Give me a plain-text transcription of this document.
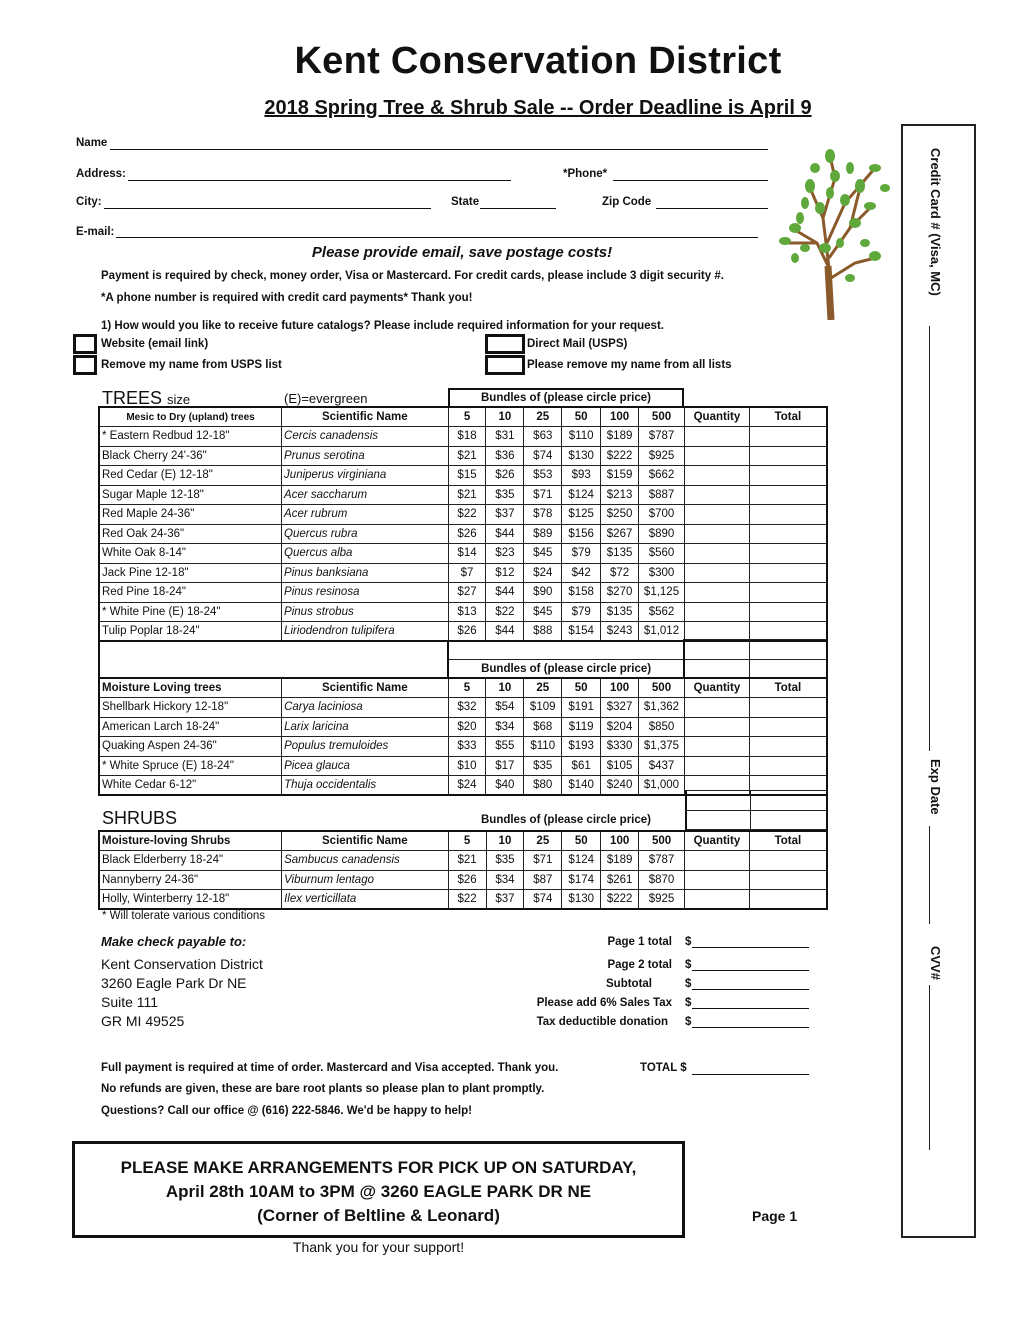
Kent Conservation District
2018 Spring Tree & Shrub Sale -- Order Deadline is April 9
Name
Address:	*Phone*
City:	State	Zip Code
E-mail:
Please provide email, save postage costs!
Payment is required by check, money order, Visa or Mastercard. For credit cards, please include 3 digit security #.
*A phone number is required with credit card payments* Thank you!
1) How would you like to receive future catalogs? Please include required information for your request.
Website (email link)
Remove my name from USPS list
Direct Mail (USPS)
Please remove my name from all lists
TREES size	(E)=evergreen	Bundles of (please circle price)
Mesic to Dry (upland) trees	Scientific Name	5	10	25	50	100	500	Quantity	Total
* Eastern Redbud 12-18"	Cercis canadensis	$18	$31	$63	$110	$189	$787		
Black Cherry 24'-36"	Prunus serotina	$21	$36	$74	$130	$222	$925		
Red Cedar (E) 12-18"	Juniperus virginiana	$15	$26	$53	$93	$159	$662		
Sugar Maple 12-18"	Acer saccharum	$21	$35	$71	$124	$213	$887		
Red Maple 24-36"	Acer rubrum	$22	$37	$78	$125	$250	$700		
Red Oak 24-36"	Quercus rubra	$26	$44	$89	$156	$267	$890		
White Oak 8-14"	Quercus alba	$14	$23	$45	$79	$135	$560		
Jack Pine 12-18"	Pinus banksiana	$7	$12	$24	$42	$72	$300		
Red Pine 18-24"	Pinus resinosa	$27	$44	$90	$158	$270	$1,125		
* White Pine (E) 18-24"	Pinus strobus	$13	$22	$45	$79	$135	$562		
Tulip Poplar 18-24"	Liriodendron tulipifera	$26	$44	$88	$154	$243	$1,012		

	Bundles of (please circle price)		
Moisture Loving trees	Scientific Name	5	10	25	50	100	500	Quantity	Total
Shellbark Hickory 12-18"	Carya laciniosa	$32	$54	$109	$191	$327	$1,362		
American Larch 18-24"	Larix laricina	$20	$34	$68	$119	$204	$850		
Quaking Aspen 24-36"	Populus tremuloides	$33	$55	$110	$193	$330	$1,375		
* White Spruce (E) 18-24"	Picea glauca	$10	$17	$35	$61	$105	$437		
White Cedar 6-12"	Thuja occidentalis	$24	$40	$80	$140	$240	$1,000		

SHRUBS	Bundles of (please circle price)
Moisture-loving Shrubs	Scientific Name	5	10	25	50	100	500	Quantity	Total
Black Elderberry 18-24"	Sambucus canadensis	$21	$35	$71	$124	$189	$787		
Nannyberry 24-36"	Viburnum lentago	$26	$34	$87	$174	$261	$870		
Holly, Winterberry 12-18"	Ilex verticillata	$22	$37	$74	$130	$222	$925		
* Will tolerate various conditions
Make check payable to:
Kent Conservation District
3260 Eagle Park Dr NE
Suite 111
GR MI 49525
Page 1 total
Page 2 total
Subtotal
Please add 6% Sales Tax
Tax deductible donation
$
$
$
$
$
Full payment is required at time of order. Mastercard and Visa accepted. Thank you.	TOTAL $
No refunds are given, these are bare root plants so please plan to plant promptly.
Questions? Call our office @ (616) 222-5846. We'd be happy to help!
PLEASE MAKE ARRANGEMENTS FOR PICK UP ON SATURDAY,
April 28th 10AM to 3PM @ 3260 EAGLE PARK DR NE
(Corner of Beltline & Leonard)
Thank you for your support!
Page 1
Credit Card # (Visa, MC)
Exp Date
CVV#
